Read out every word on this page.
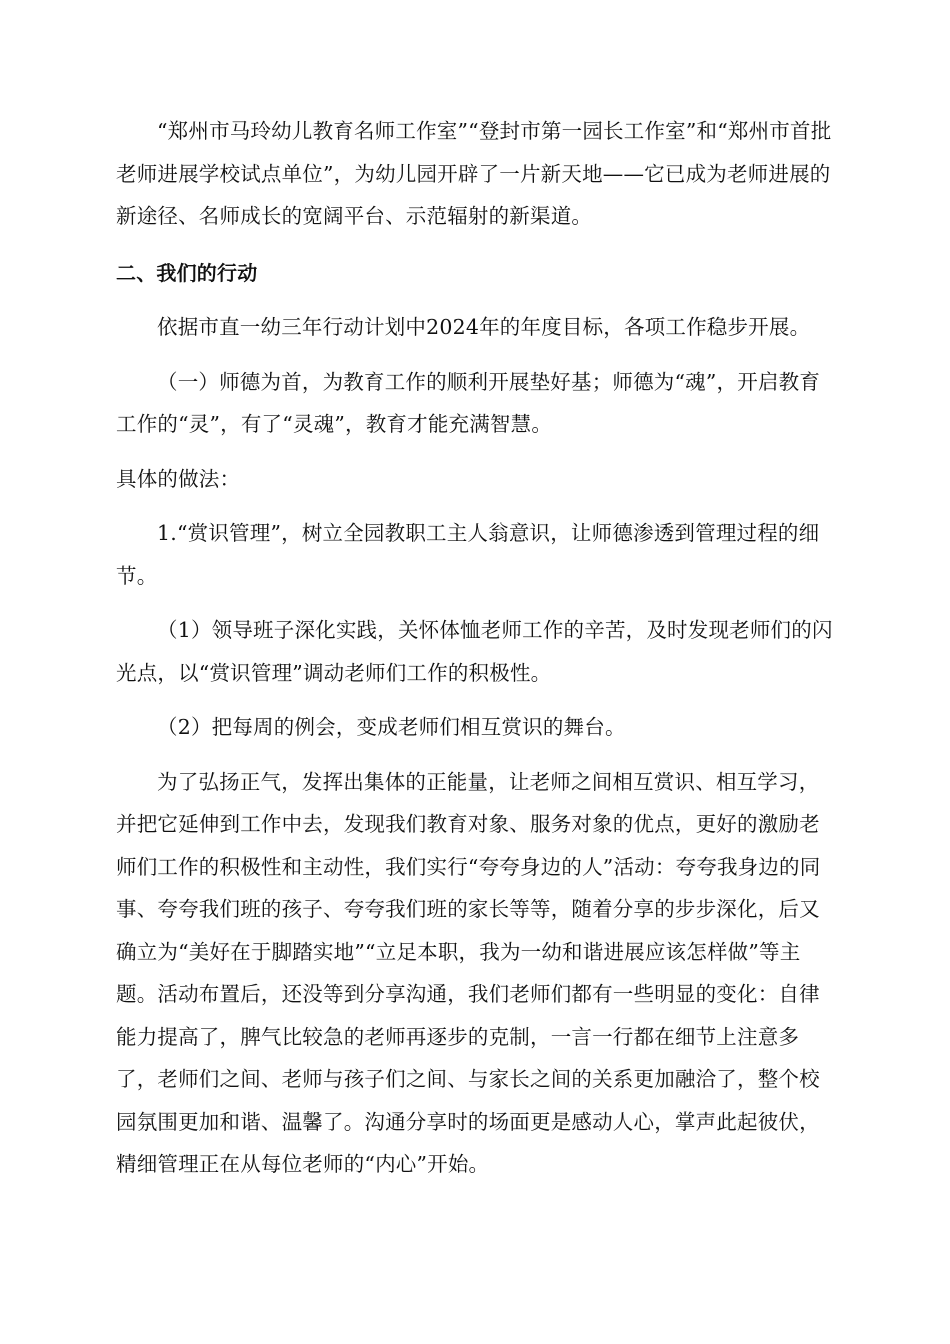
“郑州市马玲幼儿教育名师工作室”“登封市第一园长工作室”和“郑州市首批老师进展学校试点单位”，为幼儿园开辟了一片新天地——它已成为老师进展的新途径、名师成长的宽阔平台、示范辐射的新渠道。

二、我们的行动

依据市直一幼三年行动计划中2024年的年度目标，各项工作稳步开展。

（一）师德为首，为教育工作的顺利开展垫好基；师德为“魂”，开启教育工作的“灵”，有了“灵魂”，教育才能充满智慧。

具体的做法：

1.“赏识管理”，树立全园教职工主人翁意识，让师德渗透到管理过程的细节。

（1）领导班子深化实践，关怀体恤老师工作的辛苦，及时发现老师们的闪光点，以“赏识管理”调动老师们工作的积极性。

（2）把每周的例会，变成老师们相互赏识的舞台。

为了弘扬正气，发挥出集体的正能量，让老师之间相互赏识、相互学习，并把它延伸到工作中去，发现我们教育对象、服务对象的优点，更好的激励老师们工作的积极性和主动性，我们实行“夸夸身边的人”活动：夸夸我身边的同事、夸夸我们班的孩子、夸夸我们班的家长等等，随着分享的步步深化，后又确立为“美好在于脚踏实地”“立足本职，我为一幼和谐进展应该怎样做”等主题。活动布置后，还没等到分享沟通，我们老师们都有一些明显的变化：自律能力提高了，脾气比较急的老师再逐步的克制，一言一行都在细节上注意多了，老师们之间、老师与孩子们之间、与家长之间的关系更加融洽了，整个校园氛围更加和谐、温馨了。沟通分享时的场面更是感动人心，掌声此起彼伏，精细管理正在从每位老师的“内心”开始。
